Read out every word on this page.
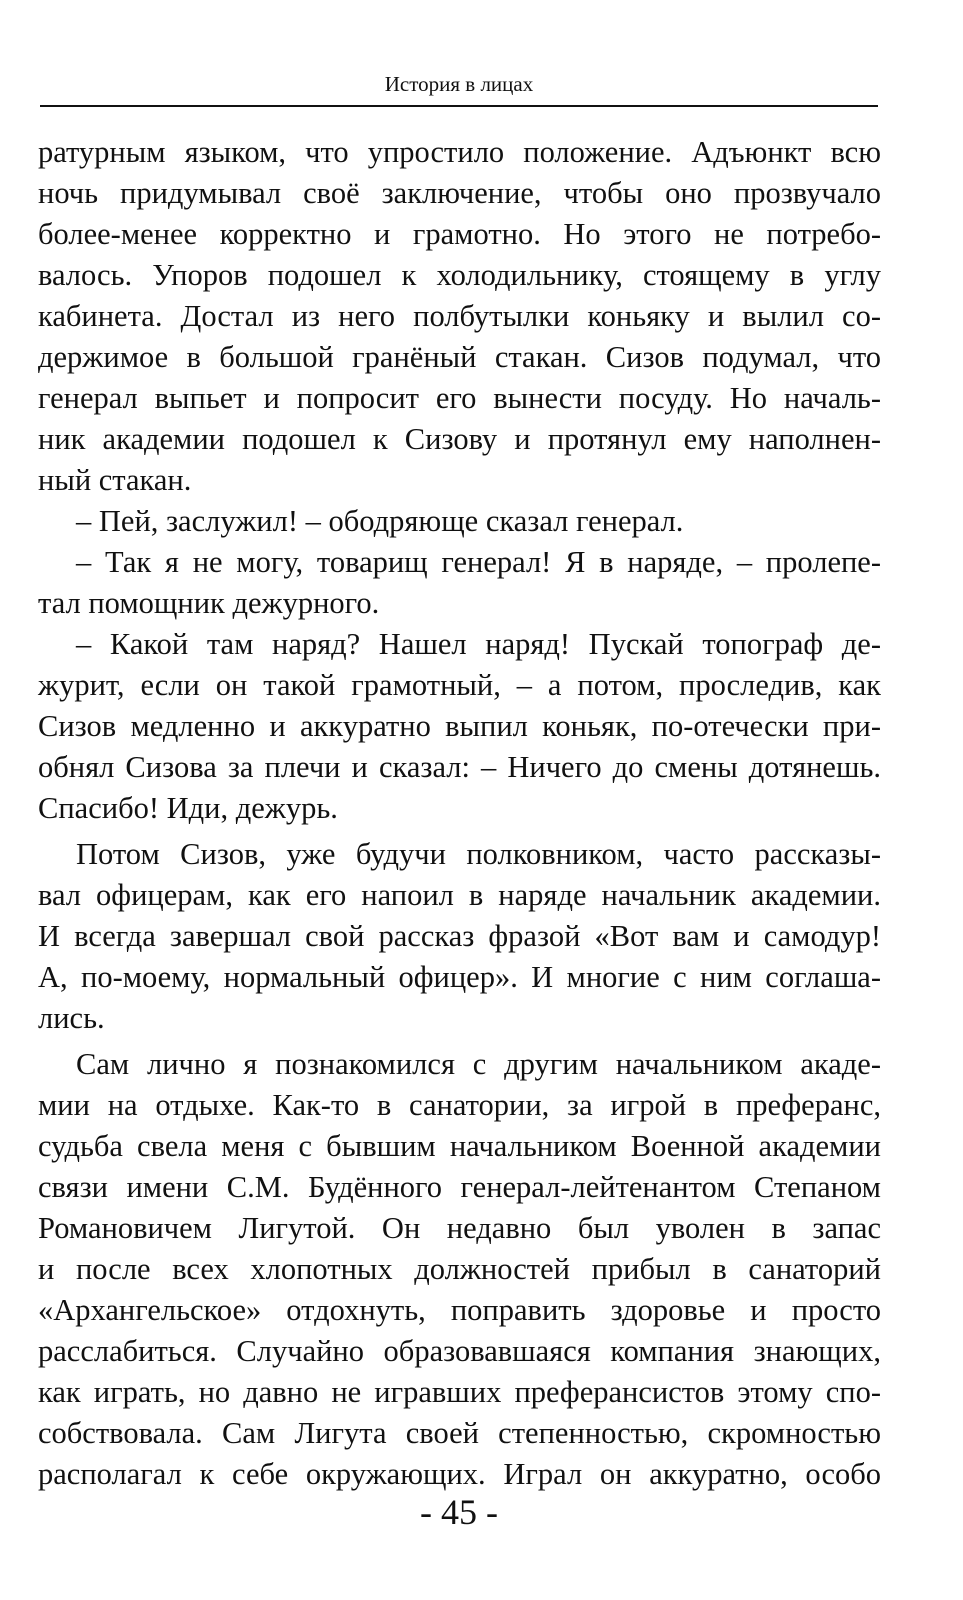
История в лицах

ратурным языком, что упростило положение. Адъюнкт всю
ночь придумывал своё заключение, чтобы оно прозвучало
более-менее корректно и грамотно. Но этого не потребо-
валось. Упоров подошел к холодильнику, стоящему в углу
кабинета. Достал из него полбутылки коньяку и вылил со-
держимое в большой гранёный стакан. Сизов подумал, что
генерал выпьет и попросит его вынести посуду. Но началь-
ник академии подошел к Сизову и протянул ему наполнен-
ный стакан.

– Пей, заслужил! – ободряюще сказал генерал.

– Так я не могу, товарищ генерал! Я в наряде, – пролепе-
тал помощник дежурного.

– Какой там наряд? Нашел наряд! Пускай топограф де-
журит, если он такой грамотный, – а потом, проследив, как
Сизов медленно и аккуратно выпил коньяк, по-отечески при-
обнял Сизова за плечи и сказал: – Ничего до смены дотянешь.
Спасибо! Иди, дежурь.

Потом Сизов, уже будучи полковником, часто рассказы-
вал офицерам, как его напоил в наряде начальник академии.
И всегда завершал свой рассказ фразой «Вот вам и самодур!
А, по-моему, нормальный офицер». И многие с ним соглаша-
лись.

Сам лично я познакомился с другим начальником акаде-
мии на отдыхе. Как-то в санатории, за игрой в преферанс,
судьба свела меня с бывшим начальником Военной академии
связи имени С.М. Будённого генерал-лейтенантом Степаном
Романовичем Лигутой. Он недавно был уволен в запас
и после всех хлопотных должностей прибыл в санаторий
«Архангельское» отдохнуть, поправить здоровье и просто
расслабиться. Случайно образовавшаяся компания знающих,
как играть, но давно не игравших преферансистов этому спо-
собствовала. Сам Лигута своей степенностью, скромностью
располагал к себе окружающих. Играл он аккуратно, особо

- 45 -
